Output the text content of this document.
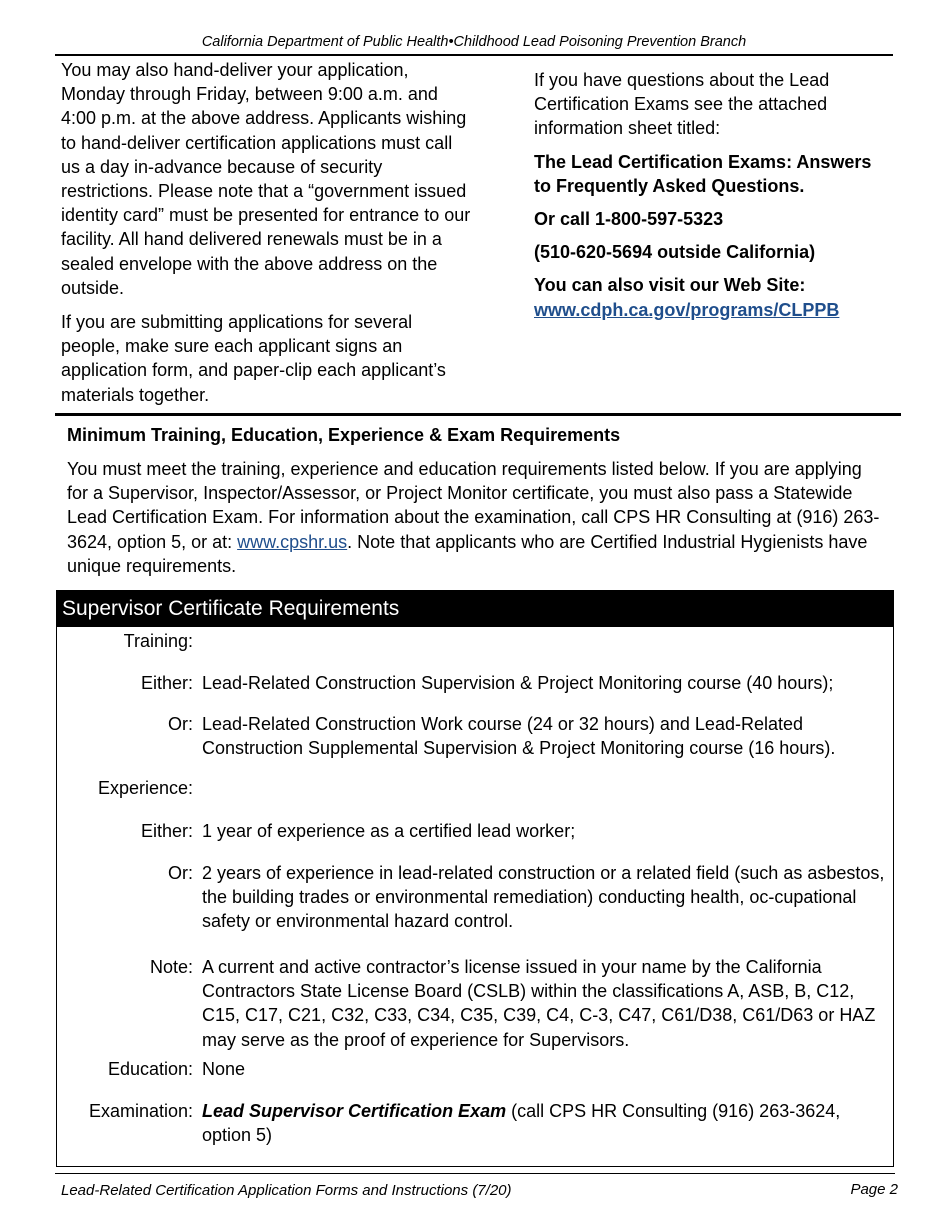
California Department of Public Health•Childhood Lead Poisoning Prevention Branch

You may also hand-deliver your application, Monday through Friday, between 9:00 a.m. and 4:00 p.m. at the above address. Applicants wishing to hand-deliver certification applications must call us a day in-advance because of security restrictions. Please note that a “government issued identity card” must be presented for entrance to our facility. All hand delivered renewals must be in a sealed envelope with the above address on the outside.

If you are submitting applications for several people, make sure each applicant signs an application form, and paper-clip each applicant’s materials together.

If you have questions about the Lead Certification Exams see the attached information sheet titled:

The Lead Certification Exams: Answers to Frequently Asked Questions.

Or call 1-800-597-5323

(510-620-5694 outside California)

You can also visit our Web Site:
www.cdph.ca.gov/programs/CLPPB

Minimum Training, Education, Experience & Exam Requirements
You must meet the training, experience and education requirements listed below. If you are applying for a Supervisor, Inspector/Assessor, or Project Monitor certificate, you must also pass a Statewide Lead Certification Exam. For information about the examination, call CPS HR Consulting at (916) 263-3624, option 5, or at: www.cpshr.us. Note that applicants who are Certified Industrial Hygienists have unique requirements.
Supervisor Certificate Requirements
Training:
Either: Lead-Related Construction Supervision & Project Monitoring course (40 hours);
Or: Lead-Related Construction Work course (24 or 32 hours) and Lead-Related Construction Supplemental Supervision & Project Monitoring course (16 hours).
Experience:
Either: 1 year of experience as a certified lead worker;
Or: 2 years of experience in lead-related construction or a related field (such as asbestos, the building trades or environmental remediation) conducting health, oc-cupational safety or environmental hazard control.
Note: A current and active contractor’s license issued in your name by the California Contractors State License Board (CSLB) within the classifications A, ASB, B, C12, C15, C17, C21, C32, C33, C34, C35, C39, C4, C-3, C47, C61/D38, C61/D63 or HAZ may serve as the proof of experience for Supervisors.
Education: None
Examination: Lead Supervisor Certification Exam (call CPS HR Consulting (916) 263-3624, option 5)
Lead-Related Certification Application Forms and Instructions (7/20)	Page 2
